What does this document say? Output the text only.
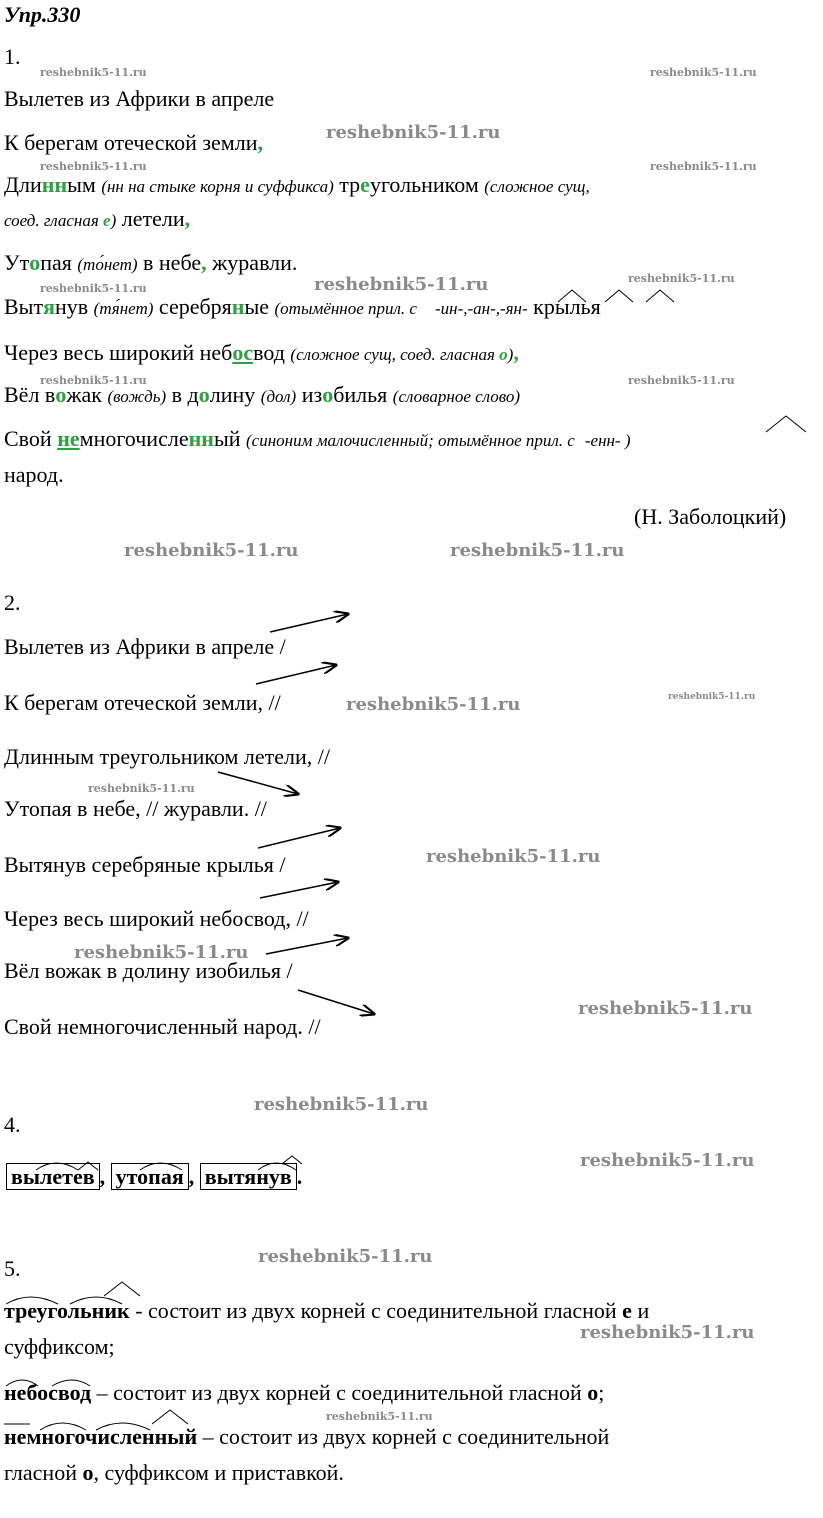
Упр.330
1.
Вылетев из Африки в апреле
К берегам отеческой земли,
Длинным (нн на стыке корня и суффикса) треугольником (сложное сущ,
соед. гласная е) летели,
Утопая (то́нет) в небе, журавли.
Вытянув (тя́нет) серебряные (отымённое прил. с -ин-,-ан-,-ян- крылья
Через весь широкий небосвод (сложное сущ, соед. гласная о),
Вёл вожак (вождь) в долину (дол) изобилья (словарное слово)
Свой немногочисленный (синоним малочисленный; отымённое прил. с -енн- )
народ.
(Н. Заболоцкий)
2.
Вылетев из Африки в апреле /
К берегам отеческой земли, //
Длинным треугольником летели, //
Утопая в небе, // журавли. //
Вытянув серебряные крылья /
Через весь широкий небосвод, //
Вёл вожак в долину изобилья /
Свой немногочисленный народ. //
4.
вылетев , утопая , вытянув .
5.
треугольник - состоит из двух корней с соединительной гласной е и
суффиксом;
небосвод – состоит из двух корней с соединительной гласной о;
немногочисленный – состоит из двух корней с соединительной
гласной о, суффиксом и приставкой.
reshebnik5-11.ru	reshebnik5-11.ru
reshebnik5-11.ru
reshebnik5-11.ru	reshebnik5-11.ru
reshebnik5-11.ru
reshebnik5-11.ru
reshebnik5-11.ru
reshebnik5-11.ru	reshebnik5-11.ru
reshebnik5-11.ru	reshebnik5-11.ru
reshebnik5-11.ru	reshebnik5-11.ru
reshebnik5-11.ru
reshebnik5-11.ru
reshebnik5-11.ru
reshebnik5-11.ru
reshebnik5-11.ru
reshebnik5-11.ru
reshebnik5-11.ru
reshebnik5-11.ru
reshebnik5-11.ru
